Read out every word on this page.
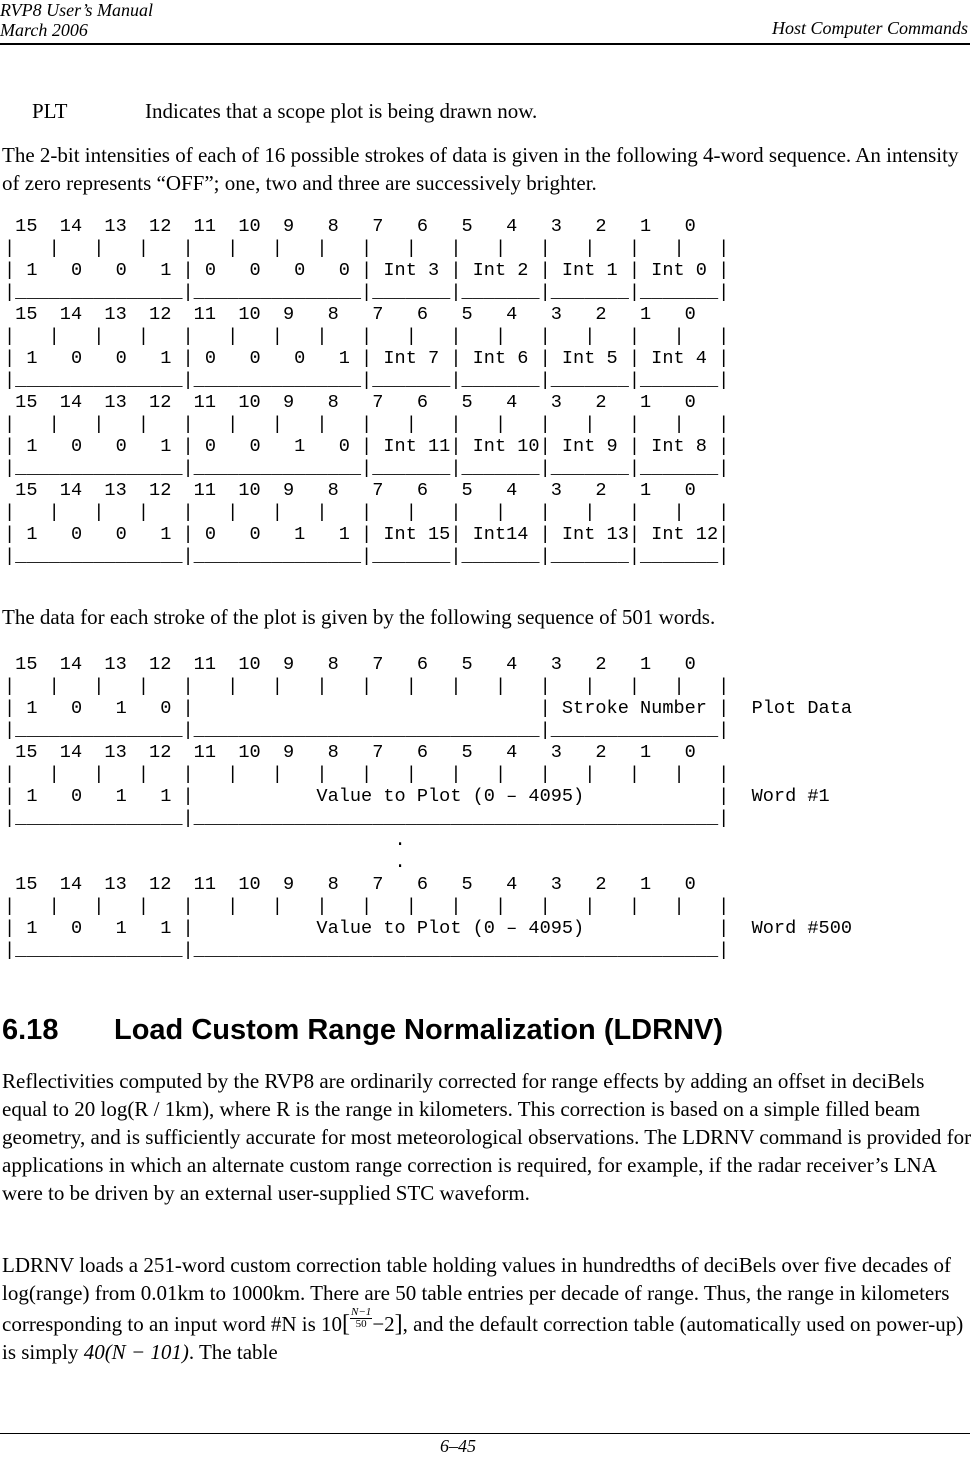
RVP8 User’s Manual
March 2006	Host Computer Commands
PLT	Indicates that a scope plot is being drawn now.

The 2-bit intensities of each of 16 possible strokes of data is given in the following 4-word sequence. An intensity of zero represents “OFF”; one, two and three are successively brighter.

15  14  13  12  11  10  9   8   7   6   5   4   3   2   1   0
|   |   |   |   |   |   |   |   |   |   |   |   |   |   |   |   |
| 1   0   0   1 | 0   0   0   0 | Int 3 | Int 2 | Int 1 | Int 0 |
|_______________|_______________|_______|_______|_______|_______|
15  14  13  12  11  10  9   8   7   6   5   4   3   2   1   0
|   |   |   |   |   |   |   |   |   |   |   |   |   |   |   |   |
| 1   0   0   1 | 0   0   0   1 | Int 7 | Int 6 | Int 5 | Int 4 |
|_______________|_______________|_______|_______|_______|_______|
15  14  13  12  11  10  9   8   7   6   5   4   3   2   1   0
|   |   |   |   |   |   |   |   |   |   |   |   |   |   |   |   |
| 1   0   0   1 | 0   0   1   0 | Int 11| Int 10| Int 9 | Int 8 |
|_______________|_______________|_______|_______|_______|_______|
15  14  13  12  11  10  9   8   7   6   5   4   3   2   1   0
|   |   |   |   |   |   |   |   |   |   |   |   |   |   |   |   |
| 1   0   0   1 | 0   0   1   1 | Int 15| Int14 | Int 13| Int 12|
|_______________|_______________|_______|_______|_______|_______|

The data for each stroke of the plot is given by the following sequence of 501 words.

15  14  13  12  11  10  9   8   7   6   5   4   3   2   1   0
|   |   |   |   |   |   |   |   |   |   |   |   |   |   |   |   |
| 1   0   1   0 |                               | Stroke Number |  Plot Data
|_______________|_______________________________|_______________|
15  14  13  12  11  10  9   8   7   6   5   4   3   2   1   0
|   |   |   |   |   |   |   |   |   |   |   |   |   |   |   |   |
| 1   0   1   1 |           Value to Plot (0 – 4095)            |  Word #1
|_______________|_______________________________________________|
.
.
15  14  13  12  11  10  9   8   7   6   5   4   3   2   1   0
|   |   |   |   |   |   |   |   |   |   |   |   |   |   |   |   |
| 1   0   1   1 |           Value to Plot (0 – 4095)            |  Word #500
|_______________|_______________________________________________|
6.18 Load Custom Range Normalization (LDRNV)

Reflectivities computed by the RVP8 are ordinarily corrected for range effects by adding an offset in deciBels equal to 20 log(R / 1km), where R is the range in kilometers. This correction is based on a simple filled beam geometry, and is sufficiently accurate for most meteorological observations. The LDRNV command is provided for applications in which an alternate custom range correction is required, for example, if the radar receiver’s LNA were to be driven by an external user-supplied STC waveform.

LDRNV loads a 251-word custom correction table holding values in hundredths of deciBels over five decades of log(range) from 0.01km to 1000km. There are 50 table entries per decade of range. Thus, the range in kilometers corresponding to an input word #N is $10[ \frac{N-1}{50} -2]$, and the default correction table (automatically used on power-up) is simply 40(N − 101). The table

6–45
